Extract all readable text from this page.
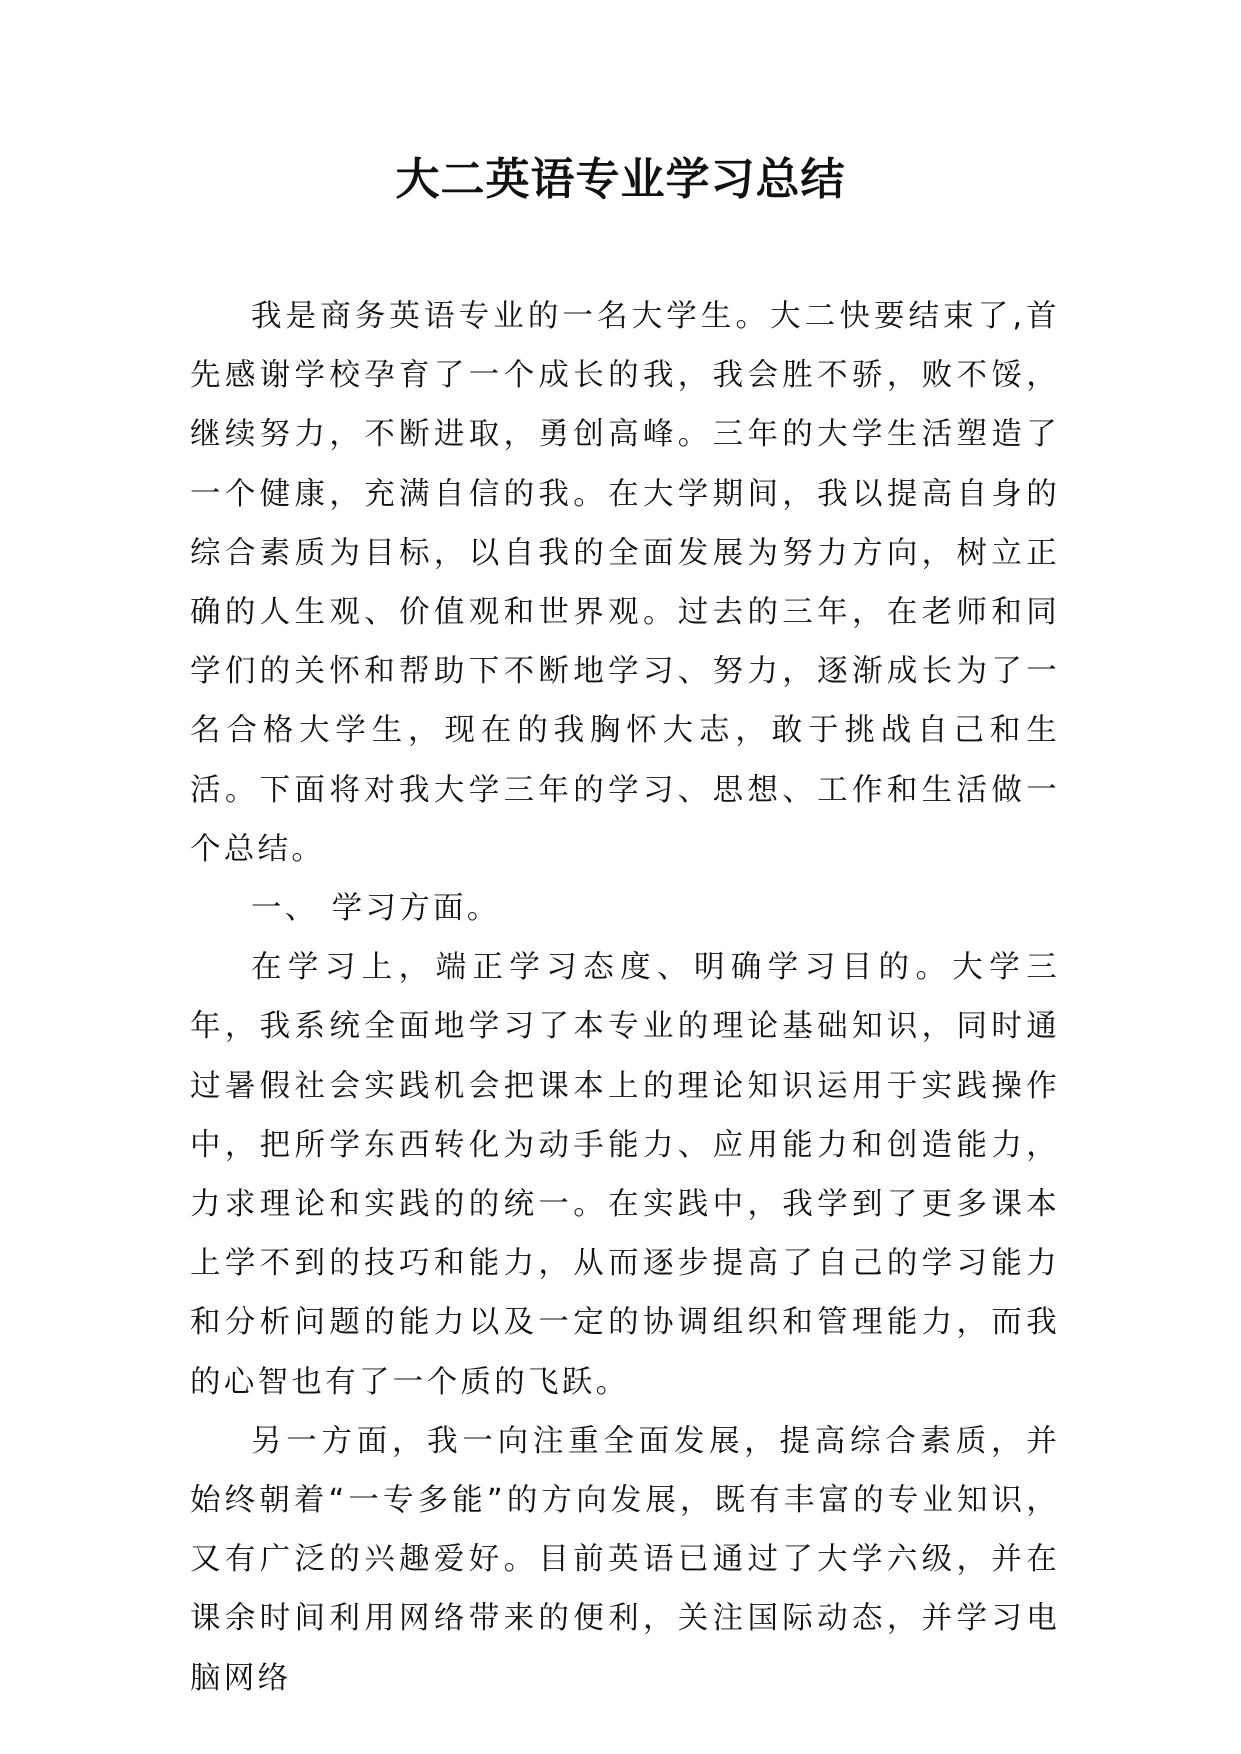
大二英语专业学习总结

我是商务英语专业的一名大学生。大二快要结束了,首先感谢学校孕育了一个成长的我，我会胜不骄，败不馁，继续努力，不断进取，勇创高峰。三年的大学生活塑造了一个健康，充满自信的我。在大学期间，我以提高自身的综合素质为目标，以自我的全面发展为努力方向，树立正确的人生观、价值观和世界观。过去的三年，在老师和同学们的关怀和帮助下不断地学习、努力，逐渐成长为了一名合格大学生，现在的我胸怀大志，敢于挑战自己和生活。下面将对我大学三年的学习、思想、工作和生活做一个总结。

一、 学习方面。

在学习上，端正学习态度、明确学习目的。大学三年，我系统全面地学习了本专业的理论基础知识，同时通过暑假社会实践机会把课本上的理论知识运用于实践操作中，把所学东西转化为动手能力、应用能力和创造能力，力求理论和实践的的统一。在实践中，我学到了更多课本上学不到的技巧和能力，从而逐步提高了自己的学习能力和分析问题的能力以及一定的协调组织和管理能力，而我的心智也有了一个质的飞跃。

另一方面，我一向注重全面发展，提高综合素质，并始终朝着“一专多能”的方向发展，既有丰富的专业知识，又有广泛的兴趣爱好。目前英语已通过了大学六级，并在课余时间利用网络带来的便利，关注国际动态，并学习电脑网络
